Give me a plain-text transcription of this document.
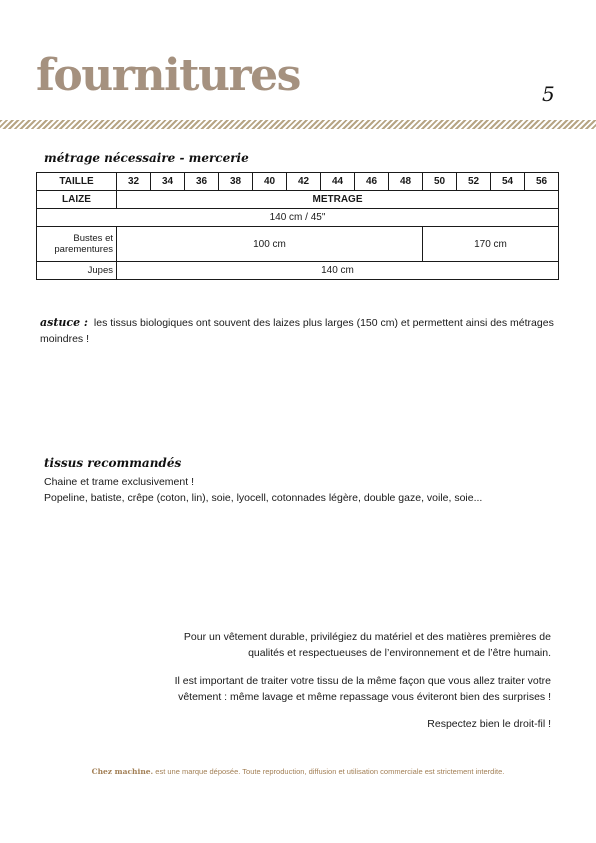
fournitures	5
métrage nécessaire - mercerie
TAILLE	32	34	36	38	40	42	44	46	48	50	52	54	56
LAIZE	METRAGE												
140 cm / 45"													
Bustes et parementures	100 cm									170 cm			
Jupes	140 cm												
astuce : les tissus biologiques ont souvent des laizes plus larges (150 cm) et permettent ainsi des métrages moindres !
tissus recommandés
Chaine et trame exclusivement !
Popeline, batiste, crêpe (coton, lin), soie, lyocell, cotonnades légère, double gaze, voile, soie...

Pour un vêtement durable, privilégiez du matériel et des matières premières de
qualités et respectueuses de l’environnement et de l’être humain.

Il est important de traiter votre tissu de la même façon que vous allez traiter votre
vêtement : même lavage et même repassage vous éviteront bien des surprises !

Respectez bien le droit-fil !

Chez machine. est une marque déposée. Toute reproduction, diffusion et utilisation commerciale est strictement interdite.
